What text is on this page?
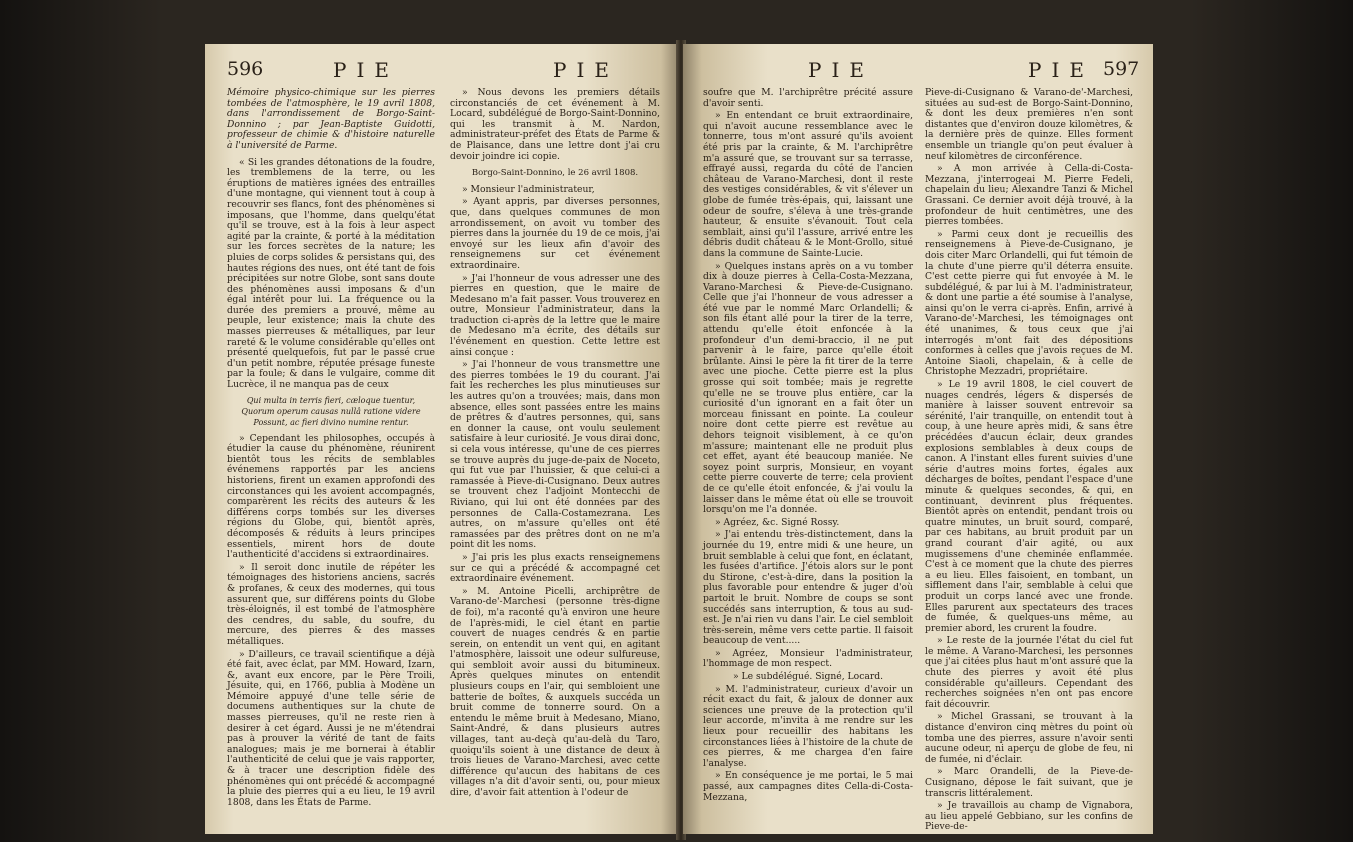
596	PIE	PIE

Mémoire physico-chimique sur les pierres tombées de l'atmosphère, le 19 avril 1808, dans l'arrondissement de Borgo-Saint-Donnino ; par Jean-Baptiste Guidotti, professeur de chimie & d'histoire naturelle à l'université de Parme.

« Si les grandes détonations de la foudre, les tremblemens de la terre, ou les éruptions de matières ignées des entrailles d'une montagne, qui viennent tout à coup à recouvrir ses flancs, font des phénomènes si imposans, que l'homme, dans quelqu'état qu'il se trouve, est à la fois à leur aspect agité par la crainte, & porté à la méditation sur les forces secrètes de la nature; les pluies de corps solides & persistans qui, des hautes régions des nues, ont été tant de fois précipitées sur notre Globe, sont sans doute des phénomènes aussi imposans & d'un égal intérêt pour lui. La fréquence ou la durée des premiers a prouvé, même au peuple, leur existence; mais la chute des masses pierreuses & métalliques, par leur rareté & le volume considérable qu'elles ont présenté quelquefois, fut par le passé crue d'un petit nombre, réputée présage funeste par la foule; & dans le vulgaire, comme dit Lucrèce, il ne manqua pas de ceux

Qui multa in terris fieri, cæloque tuentur,
Quorum operum causas nullâ ratione videre
Possunt, ac fieri divino numine rentur.

» Cependant les philosophes, occupés à étudier la cause du phénomène, réunirent bientôt tous les récits de semblables événemens rapportés par les anciens historiens, firent un examen approfondi des circonstances qui les avoient accompagnés, comparèrent les récits des auteurs & les différens corps tombés sur les diverses régions du Globe, qui, bientôt après, décomposés & réduits à leurs principes essentiels, mirent hors de doute l'authenticité d'accidens si extraordinaires.

» Il seroit donc inutile de répéter les témoignages des historiens anciens, sacrés & profanes, & ceux des modernes, qui tous assurent que, sur différens points du Globe très-éloignés, il est tombé de l'atmosphère des cendres, du sable, du soufre, du mercure, des pierres & des masses métalliques.

» D'ailleurs, ce travail scientifique a déjà été fait, avec éclat, par MM. Howard, Izarn, &, avant eux encore, par le Père Troili, Jésuite, qui, en 1766, publia à Modène un Mémoire appuyé d'une telle série de documens authentiques sur la chute de masses pierreuses, qu'il ne reste rien à desirer à cet égard. Aussi je ne m'étendrai pas à prouver la vérité de tant de faits analogues; mais je me bornerai à établir l'authenticité de celui que je vais rapporter, & à tracer une description fidèle des phénomènes qui ont précédé & accompagné la pluie des pierres qui a eu lieu, le 19 avril 1808, dans les États de Parme.

» Nous devons les premiers détails circonstanciés de cet événement à M. Locard, subdélégué de Borgo-Saint-Donnino, qui les transmit à M. Nardon, administrateur-préfet des États de Parme & de Plaisance, dans une lettre dont j'ai cru devoir joindre ici copie.

Borgo-Saint-Donnino, le 26 avril 1808.

» Monsieur l'administrateur,

» Ayant appris, par diverses personnes, que, dans quelques communes de mon arrondissement, on avoit vu tomber des pierres dans la journée du 19 de ce mois, j'ai envoyé sur les lieux afin d'avoir des renseignemens sur cet événement extraordinaire.

» J'ai l'honneur de vous adresser une des pierres en question, que le maire de Medesano m'a fait passer. Vous trouverez en outre, Monsieur l'administrateur, dans la traduction ci-après de la lettre que le maire de Medesano m'a écrite, des détails sur l'événement en question. Cette lettre est ainsi conçue :

» J'ai l'honneur de vous transmettre une des pierres tombées le 19 du courant. J'ai fait les recherches les plus minutieuses sur les autres qu'on a trouvées; mais, dans mon absence, elles sont passées entre les mains de prêtres & d'autres personnes, qui, sans en donner la cause, ont voulu seulement satisfaire à leur curiosité. Je vous dirai donc, si cela vous intéresse, qu'une de ces pierres se trouve auprès du juge-de-paix de Noceto, qui fut vue par l'huissier, & que celui-ci a ramassée à Pieve-di-Cusignano. Deux autres se trouvent chez l'adjoint Montecchi de Riviano, qui lui ont été données par des personnes de Calla-Costamezrana. Les autres, on m'assure qu'elles ont été ramassées par des prêtres dont on ne m'a point dit les noms.

» J'ai pris les plus exacts renseignemens sur ce qui a précédé & accompagné cet extraordinaire événement.

» M. Antoine Picelli, archiprêtre de Varano-de'-Marchesi (personne très-digne de foi), m'a raconté qu'à environ une heure de l'après-midi, le ciel étant en partie couvert de nuages cendrés & en partie serein, on entendit un vent qui, en agitant l'atmosphère, laissoit une odeur sulfureuse, qui sembloit avoir aussi du bitumineux. Après quelques minutes on entendit plusieurs coups en l'air, qui sembloient une batterie de boîtes, & auxquels succéda un bruit comme de tonnerre sourd. On a entendu le même bruit à Medesano, Miano, Saint-André, & dans plusieurs autres villages, tant au-deçà qu'au-delà du Taro, quoiqu'ils soient à une distance de deux à trois lieues de Varano-Marchesi, avec cette différence qu'aucun des habitans de ces villages n'a dit d'avoir senti, ou, pour mieux dire, d'avoir fait attention à l'odeur de

PIE	PIE 597

soufre que M. l'archiprêtre précité assure d'avoir senti.

» En entendant ce bruit extraordinaire, qui n'avoit aucune ressemblance avec le tonnerre, tous m'ont assuré qu'ils avoient été pris par la crainte, & M. l'archiprêtre m'a assuré que, se trouvant sur sa terrasse, effrayé aussi, regarda du côté de l'ancien château de Varano-Marchesi, dont il reste des vestiges considérables, & vit s'élever un globe de fumée très-épais, qui, laissant une odeur de soufre, s'éleva à une très-grande hauteur, & ensuite s'évanouit. Tout cela semblait, ainsi qu'il l'assure, arrivé entre les débris dudit château & le Mont-Grollo, situé dans la commune de Sainte-Lucie.

» Quelques instans après on a vu tomber dix à douze pierres à Cella-Costa-Mezzana, Varano-Marchesi & Pieve-de-Cusignano. Celle que j'ai l'honneur de vous adresser a été vue par le nommé Marc Orlandelli; & son fils étant allé pour la tirer de la terre, attendu qu'elle étoit enfoncée à la profondeur d'un demi-braccio, il ne put parvenir à le faire, parce qu'elle étoit brûlante. Ainsi le père la fit tirer de la terre avec une pioche. Cette pierre est la plus grosse qui soit tombée; mais je regrette qu'elle ne se trouve plus entière, car la curiosité d'un ignorant en a fait ôter un morceau finissant en pointe. La couleur noire dont cette pierre est revêtue au dehors teignoit visiblement, à ce qu'on m'assure; maintenant elle ne produit plus cet effet, ayant été beaucoup maniée. Ne soyez point surpris, Monsieur, en voyant cette pierre couverte de terre; cela provient de ce qu'elle étoit enfoncée, & j'ai voulu la laisser dans le même état où elle se trouvoit lorsqu'on me l'a donnée.

» Agréez, &c. Signé Rossy.

» J'ai entendu très-distinctement, dans la journée du 19, entre midi & une heure, un bruit semblable à celui que font, en éclatant, les fusées d'artifice. J'étois alors sur le pont du Stirone, c'est-à-dire, dans la position la plus favorable pour entendre & juger d'où partoit le bruit. Nombre de coups se sont succédés sans interruption, & tous au sud-est. Je n'ai rien vu dans l'air. Le ciel sembloit très-serein, même vers cette partie. Il faisoit beaucoup de vent.....

» Agréez, Monsieur l'administrateur, l'hommage de mon respect.

» Le subdélégué. Signé, Locard.

» M. l'administrateur, curieux d'avoir un récit exact du fait, & jaloux de donner aux sciences une preuve de la protection qu'il leur accorde, m'invita à me rendre sur les lieux pour recueillir des habitans les circonstances liées à l'histoire de la chute de ces pierres, & me chargea d'en faire l'analyse.

» En conséquence je me portai, le 5 mai passé, aux campagnes dites Cella-di-Costa-Mezzana,

Pieve-di-Cusignano & Varano-de'-Marchesi, situées au sud-est de Borgo-Saint-Donnino, & dont les deux premières n'en sont distantes que d'environ douze kilomètres, & la dernière près de quinze. Elles forment ensemble un triangle qu'on peut évaluer à neuf kilomètres de circonférence.

» A mon arrivée à Cella-di-Costa-Mezzana, j'interrogeai M. Pierre Fedeli, chapelain du lieu; Alexandre Tanzi & Michel Grassani. Ce dernier avoit déjà trouvé, à la profondeur de huit centimètres, une des pierres tombées.

» Parmi ceux dont je recueillis des renseignemens à Pieve-de-Cusignano, je dois citer Marc Orlandelli, qui fut témoin de la chute d'une pierre qu'il déterra ensuite. C'est cette pierre qui fut envoyée à M. le subdélégué, & par lui à M. l'administrateur, & dont une partie a été soumise à l'analyse, ainsi qu'on le verra ci-après. Enfin, arrivé à Varano-de'-Marchesi, les témoignages ont été unanimes, & tous ceux que j'ai interrogés m'ont fait des dépositions conformes à celles que j'avois reçues de M. Antoine Siaoli, chapelain, & à celle de Christophe Mezzadri, propriétaire.

» Le 19 avril 1808, le ciel couvert de nuages cendrés, légers & dispersés de manière à laisser souvent entrevoir sa sérénité, l'air tranquille, on entendit tout à coup, à une heure après midi, & sans être précédées d'aucun éclair, deux grandes explosions semblables à deux coups de canon. A l'instant elles furent suivies d'une série d'autres moins fortes, égales aux décharges de boîtes, pendant l'espace d'une minute & quelques secondes, & qui, en continuant, devinrent plus fréquentes. Bientôt après on entendit, pendant trois ou quatre minutes, un bruit sourd, comparé, par ces habitans, au bruit produit par un grand courant d'air agité, ou aux mugissemens d'une cheminée enflammée. C'est à ce moment que la chute des pierres a eu lieu. Elles faisoient, en tombant, un sifflement dans l'air, semblable à celui que produit un corps lancé avec une fronde. Elles parurent aux spectateurs des traces de fumée, & quelques-uns même, au premier abord, les crurent la foudre.

» Le reste de la journée l'état du ciel fut le même. A Varano-Marchesi, les personnes que j'ai citées plus haut m'ont assuré que la chute des pierres y avoit été plus considérable qu'ailleurs. Cependant des recherches soignées n'en ont pas encore fait découvrir.

» Michel Grassani, se trouvant à la distance d'environ cinq mètres du point où tomba une des pierres, assure n'avoir senti aucune odeur, ni aperçu de globe de feu, ni de fumée, ni d'éclair.

» Marc Orandelli, de la Pieve-de-Cusignano, dépose le fait suivant, que je transcris littéralement.

» Je travaillois au champ de Vignabora, au lieu appelé Gebbiano, sur les confins de Pieve-de-
